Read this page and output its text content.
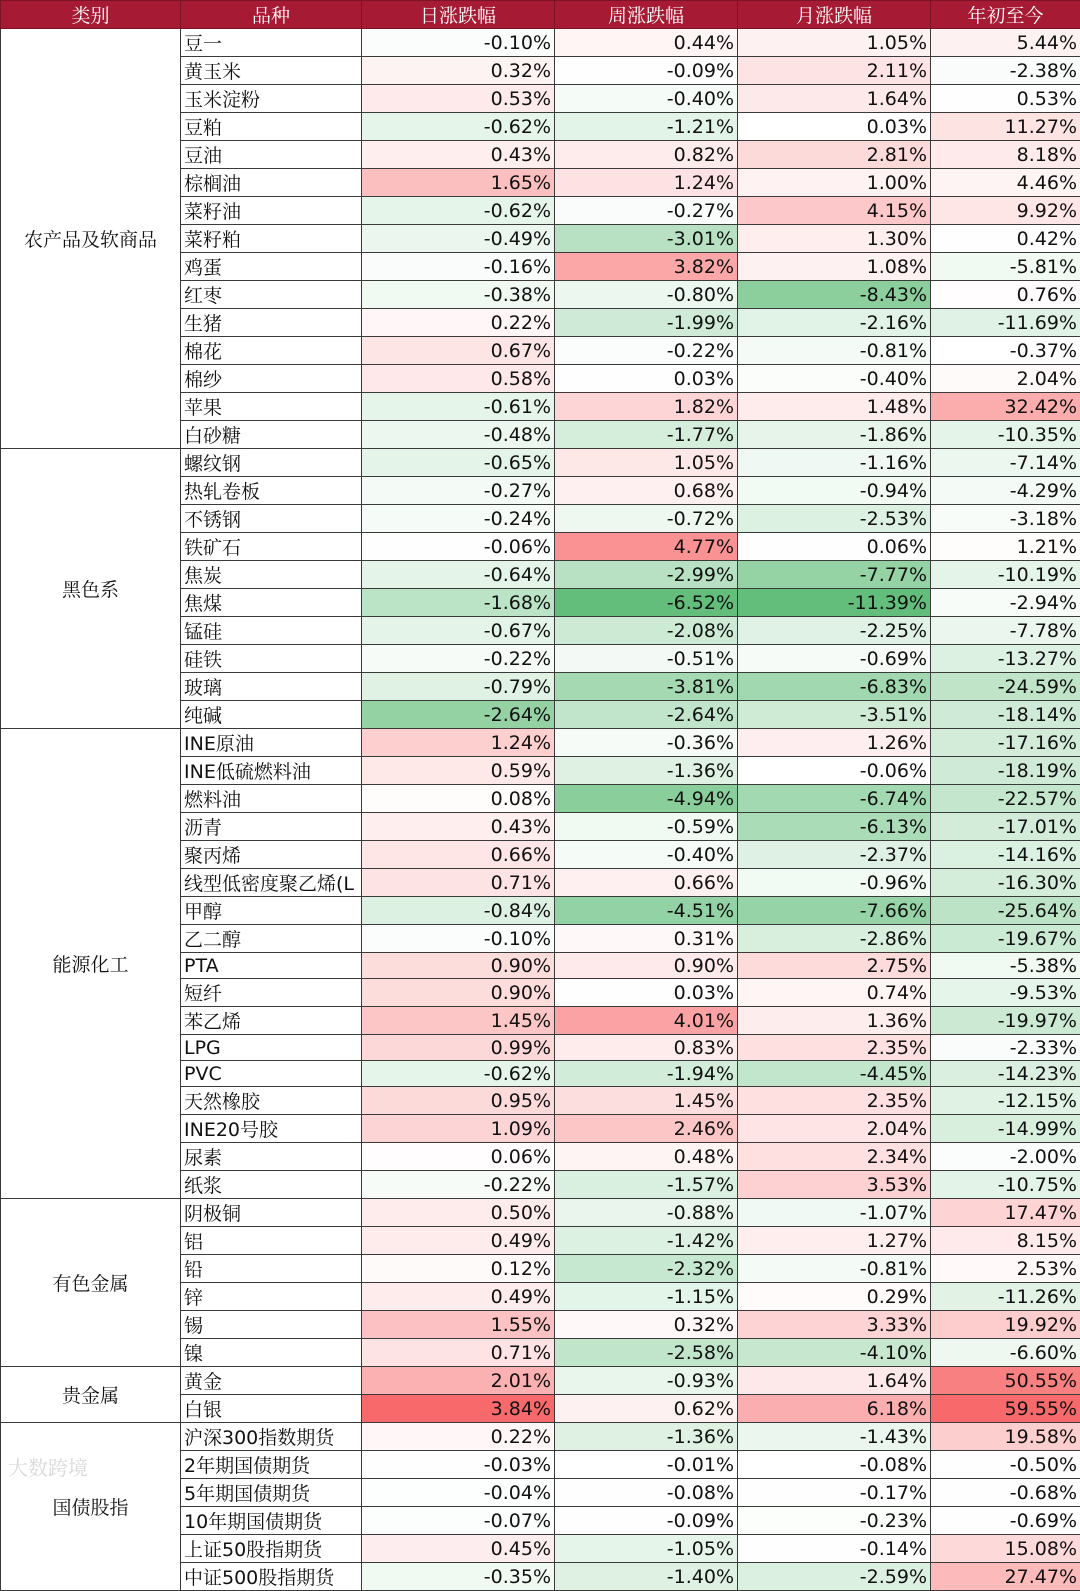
类别	品种	日涨跌幅	周涨跌幅	月涨跌幅	年初至今
农产品及软商品	豆一	-0.10%	0.44%	1.05%	5.44%
	黄玉米	0.32%	-0.09%	2.11%	-2.38%
	玉米淀粉	0.53%	-0.40%	1.64%	0.53%
	豆粕	-0.62%	-1.21%	0.03%	11.27%
	豆油	0.43%	0.82%	2.81%	8.18%
	棕榈油	1.65%	1.24%	1.00%	4.46%
	菜籽油	-0.62%	-0.27%	4.15%	9.92%
	菜籽粕	-0.49%	-3.01%	1.30%	0.42%
	鸡蛋	-0.16%	3.82%	1.08%	-5.81%
	红枣	-0.38%	-0.80%	-8.43%	0.76%
	生猪	0.22%	-1.99%	-2.16%	-11.69%
	棉花	0.67%	-0.22%	-0.81%	-0.37%
	棉纱	0.58%	0.03%	-0.40%	2.04%
	苹果	-0.61%	1.82%	1.48%	32.42%
	白砂糖	-0.48%	-1.77%	-1.86%	-10.35%
黑色系	螺纹钢	-0.65%	1.05%	-1.16%	-7.14%
	热轧卷板	-0.27%	0.68%	-0.94%	-4.29%
	不锈钢	-0.24%	-0.72%	-2.53%	-3.18%
	铁矿石	-0.06%	4.77%	0.06%	1.21%
	焦炭	-0.64%	-2.99%	-7.77%	-10.19%
	焦煤	-1.68%	-6.52%	-11.39%	-2.94%
	锰硅	-0.67%	-2.08%	-2.25%	-7.78%
	硅铁	-0.22%	-0.51%	-0.69%	-13.27%
	玻璃	-0.79%	-3.81%	-6.83%	-24.59%
	纯碱	-2.64%	-2.64%	-3.51%	-18.14%
能源化工	INE原油	1.24%	-0.36%	1.26%	-17.16%
	INE低硫燃料油	0.59%	-1.36%	-0.06%	-18.19%
	燃料油	0.08%	-4.94%	-6.74%	-22.57%
	沥青	0.43%	-0.59%	-6.13%	-17.01%
	聚丙烯	0.66%	-0.40%	-2.37%	-14.16%
	线型低密度聚乙烯(L	0.71%	0.66%	-0.96%	-16.30%
	甲醇	-0.84%	-4.51%	-7.66%	-25.64%
	乙二醇	-0.10%	0.31%	-2.86%	-19.67%
	PTA	0.90%	0.90%	2.75%	-5.38%
	短纤	0.90%	0.03%	0.74%	-9.53%
	苯乙烯	1.45%	4.01%	1.36%	-19.97%
	LPG	0.99%	0.83%	2.35%	-2.33%
	PVC	-0.62%	-1.94%	-4.45%	-14.23%
	天然橡胶	0.95%	1.45%	2.35%	-12.15%
	INE20号胶	1.09%	2.46%	2.04%	-14.99%
	尿素	0.06%	0.48%	2.34%	-2.00%
	纸浆	-0.22%	-1.57%	3.53%	-10.75%
有色金属	阴极铜	0.50%	-0.88%	-1.07%	17.47%
	铝	0.49%	-1.42%	1.27%	8.15%
	铅	0.12%	-2.32%	-0.81%	2.53%
	锌	0.49%	-1.15%	0.29%	-11.26%
	锡	1.55%	0.32%	3.33%	19.92%
	镍	0.71%	-2.58%	-4.10%	-6.60%
贵金属	黄金	2.01%	-0.93%	1.64%	50.55%
	白银	3.84%	0.62%	6.18%	59.55%
国债股指	沪深300指数期货	0.22%	-1.36%	-1.43%	19.58%
	2年期国债期货	-0.03%	-0.01%	-0.08%	-0.50%
	5年期国债期货	-0.04%	-0.08%	-0.17%	-0.68%
	10年期国债期货	-0.07%	-0.09%	-0.23%	-0.69%
	上证50股指期货	0.45%	-1.05%	-0.14%	15.08%
	中证500股指期货	-0.35%	-1.40%	-2.59%	27.47%
大数跨境
